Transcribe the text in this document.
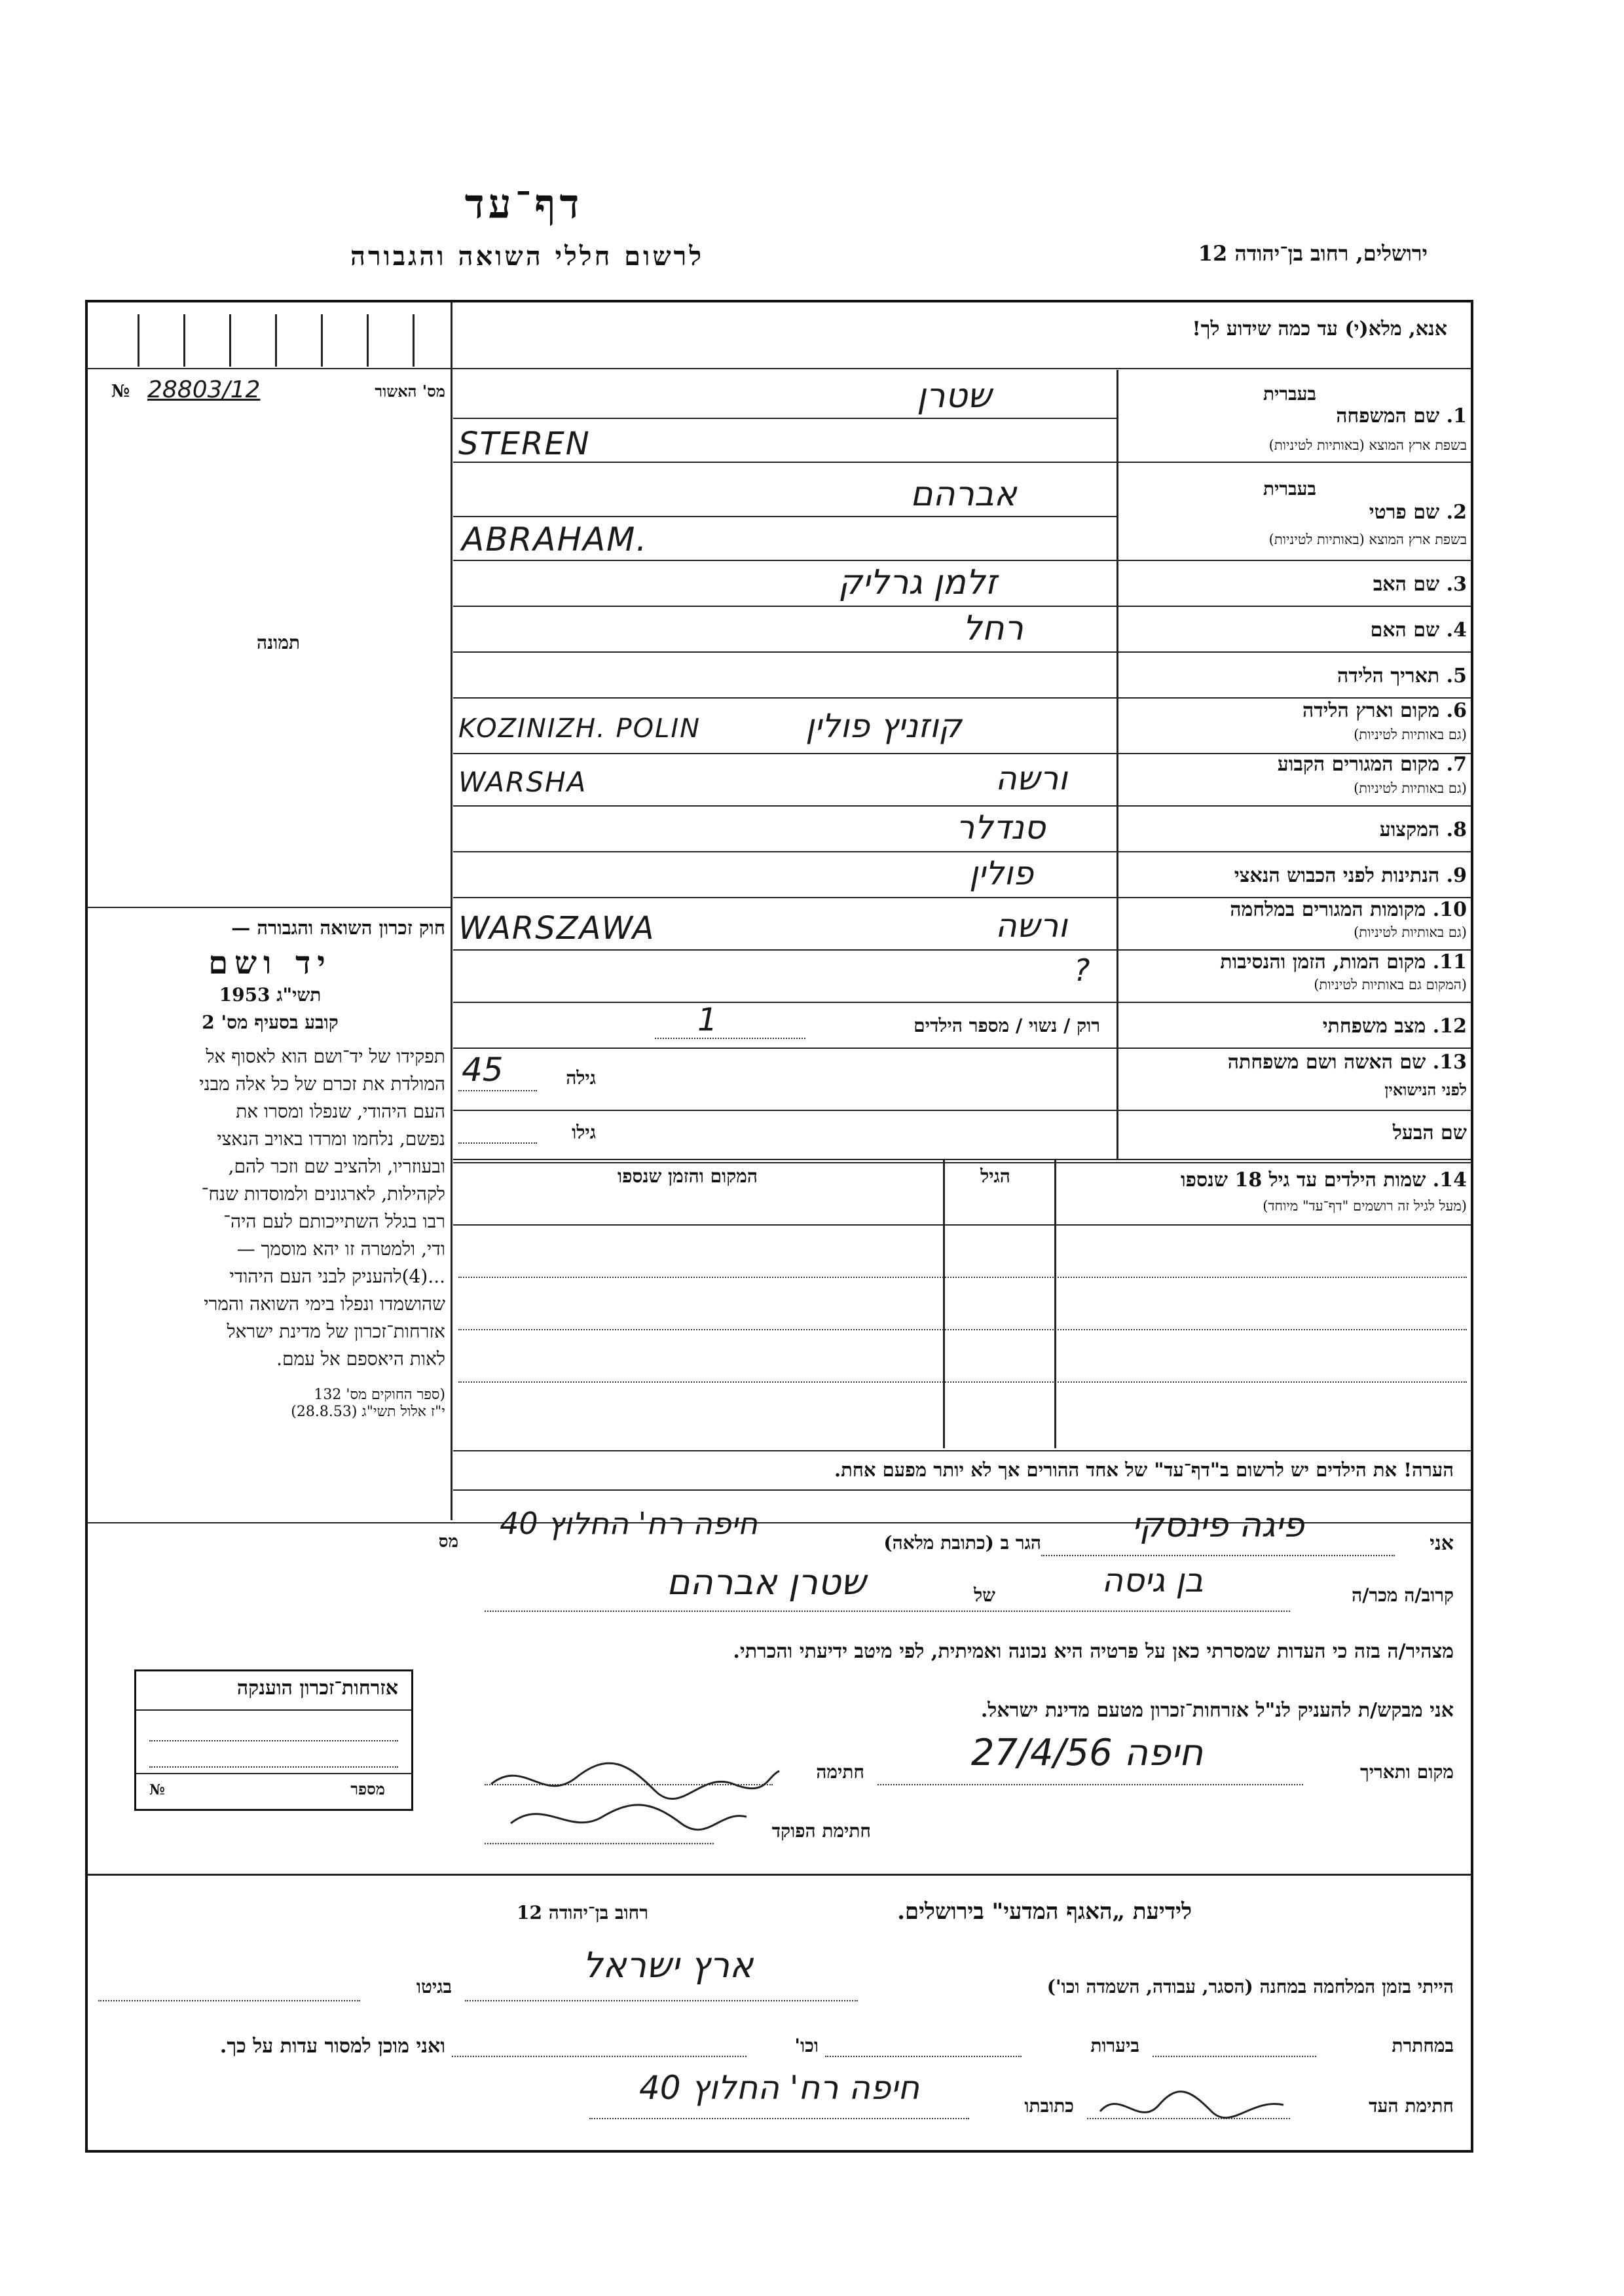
דף־עד
לרשום חללי השואה והגבורה	ירושלים, רחוב בן־יהודה 12
אנא, מלא(י) עד כמה שידוע לך!
№ 28803/12	מס' האשור
תמונה
חוק זכרון השואה והגבורה —
יד ושם
תשי"ג 1953
קובע בסעיף מס' 2
תפקידו של יד־ושם הוא לאסוף אל
המולדת את זכרם של כל אלה מבני
העם היהודי, שנפלו ומסרו את
נפשם, נלחמו ומרדו באויב הנאצי
ובעוזריו, ולהציב שם וזכר להם,
לקהילות, לארגונים ולמוסדות שנח־
רבו בגלל השתייכותם לעם היה־
ודי, ולמטרה זו יהא מוסמך —
...(4)להעניק לבני העם היהודי
שהושמדו ונפלו בימי השואה והמרי
אזרחות־זכרון של מדינת ישראל
לאות היאספם אל עמם.
(ספר החוקים מס' 132
י"ז אלול תשי"ג (28.8.53)
בעברית
1. שם המשפחה
בשפת ארץ המוצא (באותיות לטיניות)
שטרן
STEREN
בעברית
2. שם פרטי
בשפת ארץ המוצא (באותיות לטיניות)
אברהם
ABRAHAM.
3. שם האב
זלמן גרליק
4. שם האם
רחל
5. תאריך הלידה
6. מקום וארץ הלידה
(גם באותיות לטיניות)
קוזניץ פולין
KOZINIZH. POLIN
7. מקום המגורים הקבוע
(גם באותיות לטיניות)
ורשה
WARSHA
8. המקצוע
סנדלר
9. הנתינות לפני הכבוש הנאצי
פולין
10. מקומות המגורים במלחמה
(גם באותיות לטיניות)
ורשה
WARSZAWA
11. מקום המות, הזמן והנסיבות
(המקום גם באותיות לטיניות)
?
12. מצב משפחתי
רוק / נשוי / מספר הילדים
1
13. שם האשה ושם משפחתה
לפני הנישואין
גילה
45
שם הבעל
גילו
14. שמות הילדים עד גיל 18 שנספו
(מעל לגיל זה רושמים "דף־עד" מיוחד)
הגיל
המקום והזמן שנספו
הערה! את הילדים יש לרשום ב"דף־עד" של אחד ההורים אך לא יותר מפעם אחת.
אני
פיגה פינסקי
הגר ב (כתובת מלאה)
חיפה רח' החלוץ 40
מס
קרוב/ה מכר/ה
בן גיסה
של
שטרן אברהם
מצהיר/ה בזה כי העדות שמסרתי כאן על פרטיה היא נכונה ואמיתית, לפי מיטב ידיעתי והכרתי.
אני מבקש/ת להעניק לנ"ל אזרחות־זכרון מטעם מדינת ישראל.
מקום ותאריך
חיפה 27/4/56
חתימה
חתימת הפוקד
אזרחות־זכרון הוענקה
№	מספר
לידיעת „האגף המדעי" בירושלים.
רחוב בן־יהודה 12
הייתי בזמן המלחמה במחנה (הסגר, עבודה, השמדה וכו')
ארץ ישראל
בגיטו
במחתרת
ביערות
וכו'
ואני מוכן למסור עדות על כך.
חתימת העד
כתובתו
חיפה רח' החלוץ 40
